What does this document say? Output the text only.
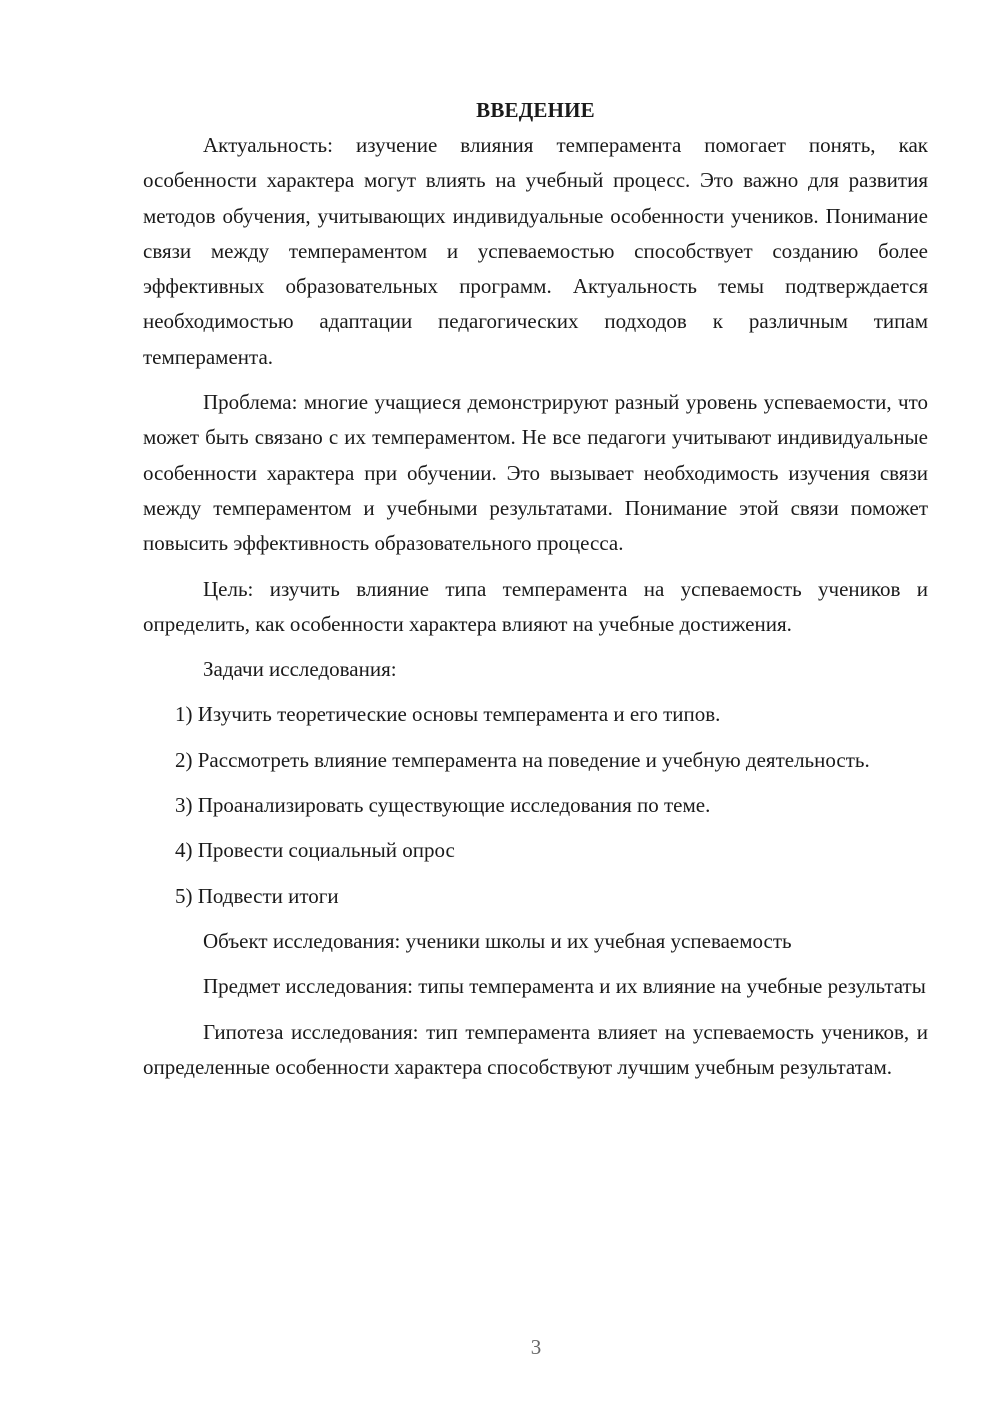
ВВЕДЕНИЕ

Актуальность: изучение влияния темперамента помогает понять, как особенности характера могут влиять на учебный процесс. Это важно для развития методов обучения, учитывающих индивидуальные особенности учеников. Понимание связи между темпераментом и успеваемостью способствует созданию более эффективных образовательных программ. Актуальность темы подтверждается необходимостью адаптации педагогических подходов к различным типам темперамента.

Проблема: многие учащиеся демонстрируют разный уровень успеваемости, что может быть связано с их темпераментом. Не все педагоги учитывают индивидуальные особенности характера при обучении. Это вызывает необходимость изучения связи между темпераментом и учебными результатами. Понимание этой связи поможет повысить эффективность образовательного процесса.

Цель: изучить влияние типа темперамента на успеваемость учеников и определить, как особенности характера влияют на учебные достижения.

Задачи исследования:

1) Изучить теоретические основы темперамента и его типов.

2) Рассмотреть влияние темперамента на поведение и учебную деятельность.

3) Проанализировать существующие исследования по теме.

4) Провести социальный опрос

5) Подвести итоги

Объект исследования: ученики школы и их учебная успеваемость

Предмет исследования: типы темперамента и их влияние на учебные результаты

Гипотеза исследования: тип темперамента влияет на успеваемость учеников, и определенные особенности характера способствуют лучшим учебным результатам.

3
